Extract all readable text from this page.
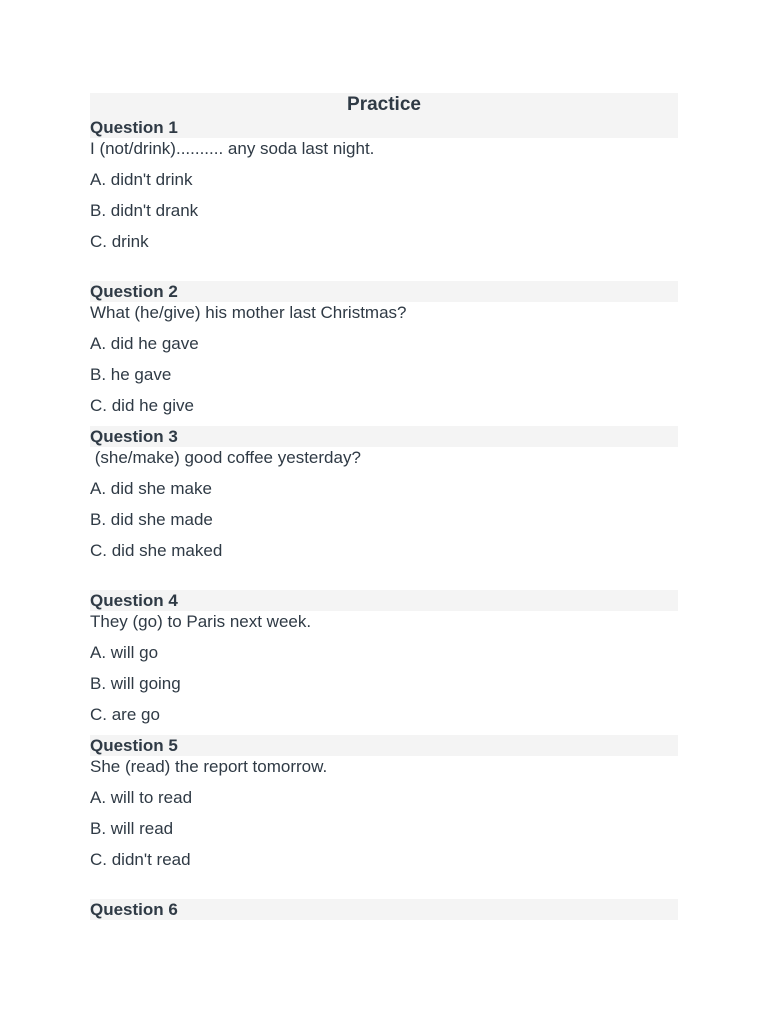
Practice
Question 1
I (not/drink).......... any soda last night.
A. didn't drink
B. didn't drank
C. drink
Question 2
What (he/give) his mother last Christmas?
A. did he gave
B. he gave
C. did he give
Question 3
(she/make) good coffee yesterday?
A. did she make
B. did she made
C. did she maked
Question 4
They (go) to Paris next week.
A. will go
B. will going
C. are go
Question 5
She (read) the report tomorrow.
A. will to read
B. will read
C. didn't read
Question 6
